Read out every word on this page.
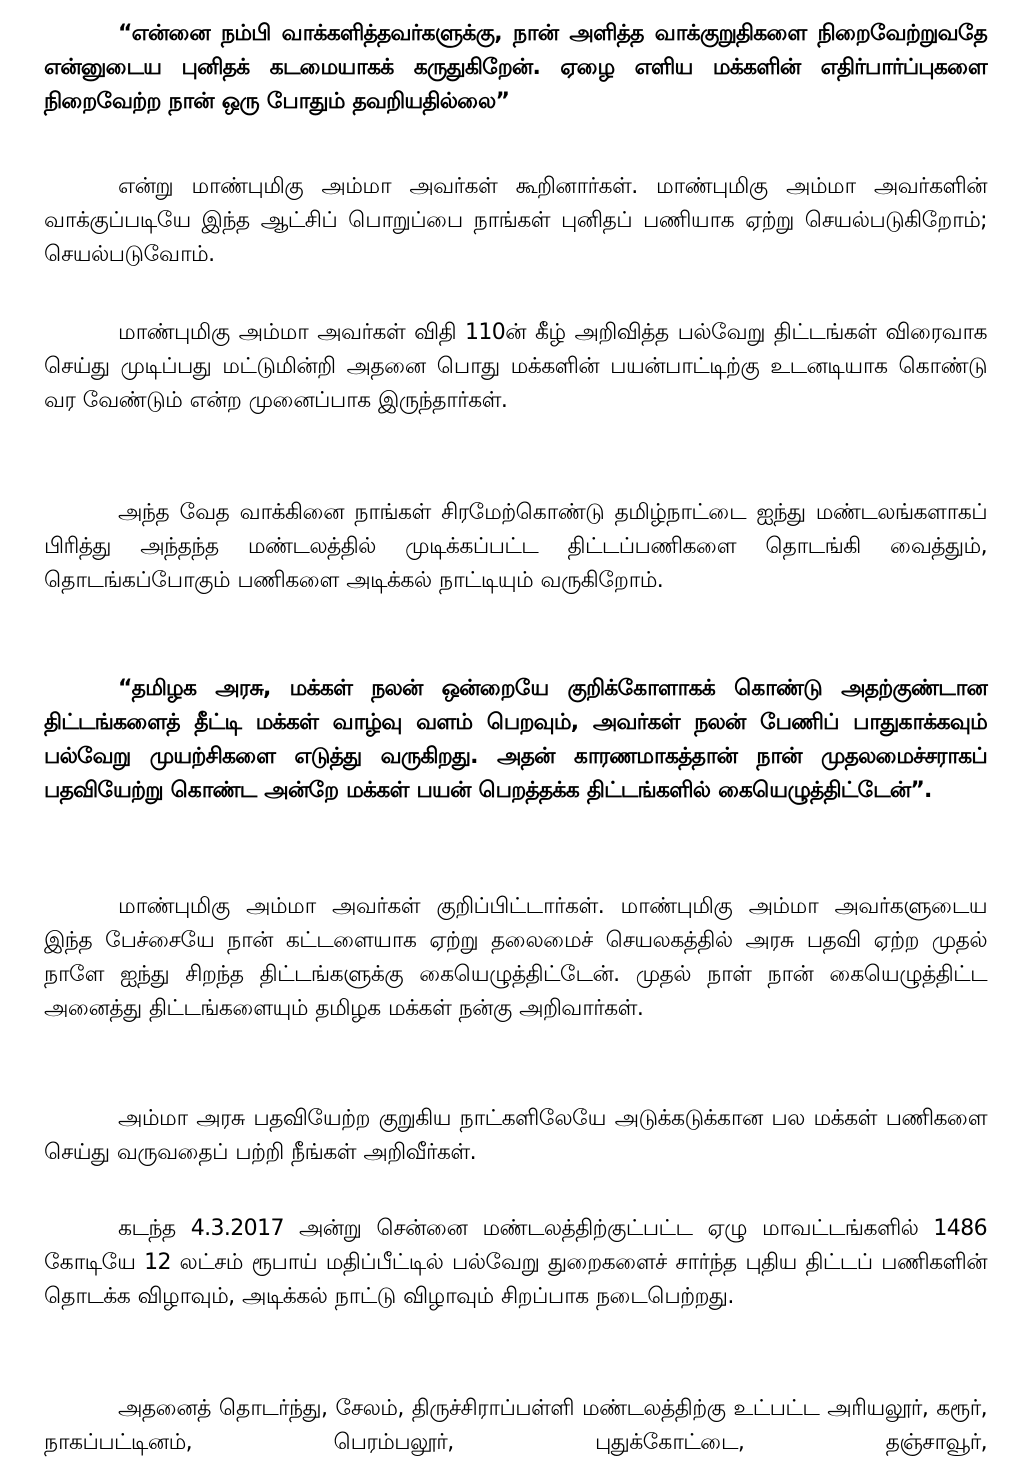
“என்னை நம்பி வாக்களித்தவர்களுக்கு, நான் அளித்த வாக்குறுதிகளை நிறைவேற்றுவதே என்னுடைய புனிதக் கடமையாகக் கருதுகிறேன். ஏழை எளிய மக்களின் எதிர்பார்ப்புகளை நிறைவேற்ற நான் ஒரு போதும் தவறியதில்லை”

என்று மாண்புமிகு அம்மா அவர்கள் கூறினார்கள். மாண்புமிகு அம்மா அவர்களின் வாக்குப்படியே இந்த ஆட்சிப் பொறுப்பை நாங்கள் புனிதப் பணியாக ஏற்று செயல்படுகிறோம்; செயல்படுவோம்.

மாண்புமிகு அம்மா அவர்கள் விதி 110ன் கீழ் அறிவித்த பல்வேறு திட்டங்கள் விரைவாக செய்து முடிப்பது மட்டுமின்றி அதனை பொது மக்களின் பயன்பாட்டிற்கு உடனடியாக கொண்டு வர வேண்டும் என்ற முனைப்பாக இருந்தார்கள்.

அந்த வேத வாக்கினை நாங்கள் சிரமேற்கொண்டு தமிழ்நாட்டை ஐந்து மண்டலங்களாகப் பிரித்து அந்தந்த மண்டலத்தில் முடிக்கப்பட்ட திட்டப்பணிகளை தொடங்கி வைத்தும், தொடங்கப்போகும் பணிகளை அடிக்கல் நாட்டியும் வருகிறோம்.

“தமிழக அரசு, மக்கள் நலன் ஒன்றையே குறிக்கோளாகக் கொண்டு அதற்குண்டான திட்டங்களைத் தீட்டி மக்கள் வாழ்வு வளம் பெறவும், அவர்கள் நலன் பேணிப் பாதுகாக்கவும் பல்வேறு முயற்சிகளை எடுத்து வருகிறது. அதன் காரணமாகத்தான் நான் முதலமைச்சராகப் பதவியேற்று கொண்ட அன்றே மக்கள் பயன் பெறத்தக்க திட்டங்களில் கையெழுத்திட்டேன்”.

மாண்புமிகு அம்மா அவர்கள் குறிப்பிட்டார்கள். மாண்புமிகு அம்மா அவர்களுடைய இந்த பேச்சையே நான் கட்டளையாக ஏற்று தலைமைச் செயலகத்தில் அரசு பதவி ஏற்ற முதல் நாளே ஐந்து சிறந்த திட்டங்களுக்கு கையெழுத்திட்டேன். முதல் நாள் நான் கையெழுத்திட்ட அனைத்து திட்டங்களையும் தமிழக மக்கள் நன்கு அறிவார்கள்.

அம்மா அரசு பதவியேற்ற குறுகிய நாட்களிலேயே அடுக்கடுக்கான பல மக்கள் பணிகளை செய்து வருவதைப் பற்றி நீங்கள் அறிவீர்கள்.

கடந்த 4.3.2017 அன்று சென்னை மண்டலத்திற்குட்பட்ட ஏழு மாவட்டங்களில் 1486 கோடியே 12 லட்சம் ரூபாய் மதிப்பீட்டில் பல்வேறு துறைகளைச் சார்ந்த புதிய திட்டப் பணிகளின் தொடக்க விழாவும், அடிக்கல் நாட்டு விழாவும் சிறப்பாக நடைபெற்றது.

அதனைத் தொடர்ந்து, சேலம், திருச்சிராப்பள்ளி மண்டலத்திற்கு உட்பட்ட அரியலூர், கரூர், நாகப்பட்டினம், பெரம்பலூர், புதுக்கோட்டை, தஞ்சாவூர்,
